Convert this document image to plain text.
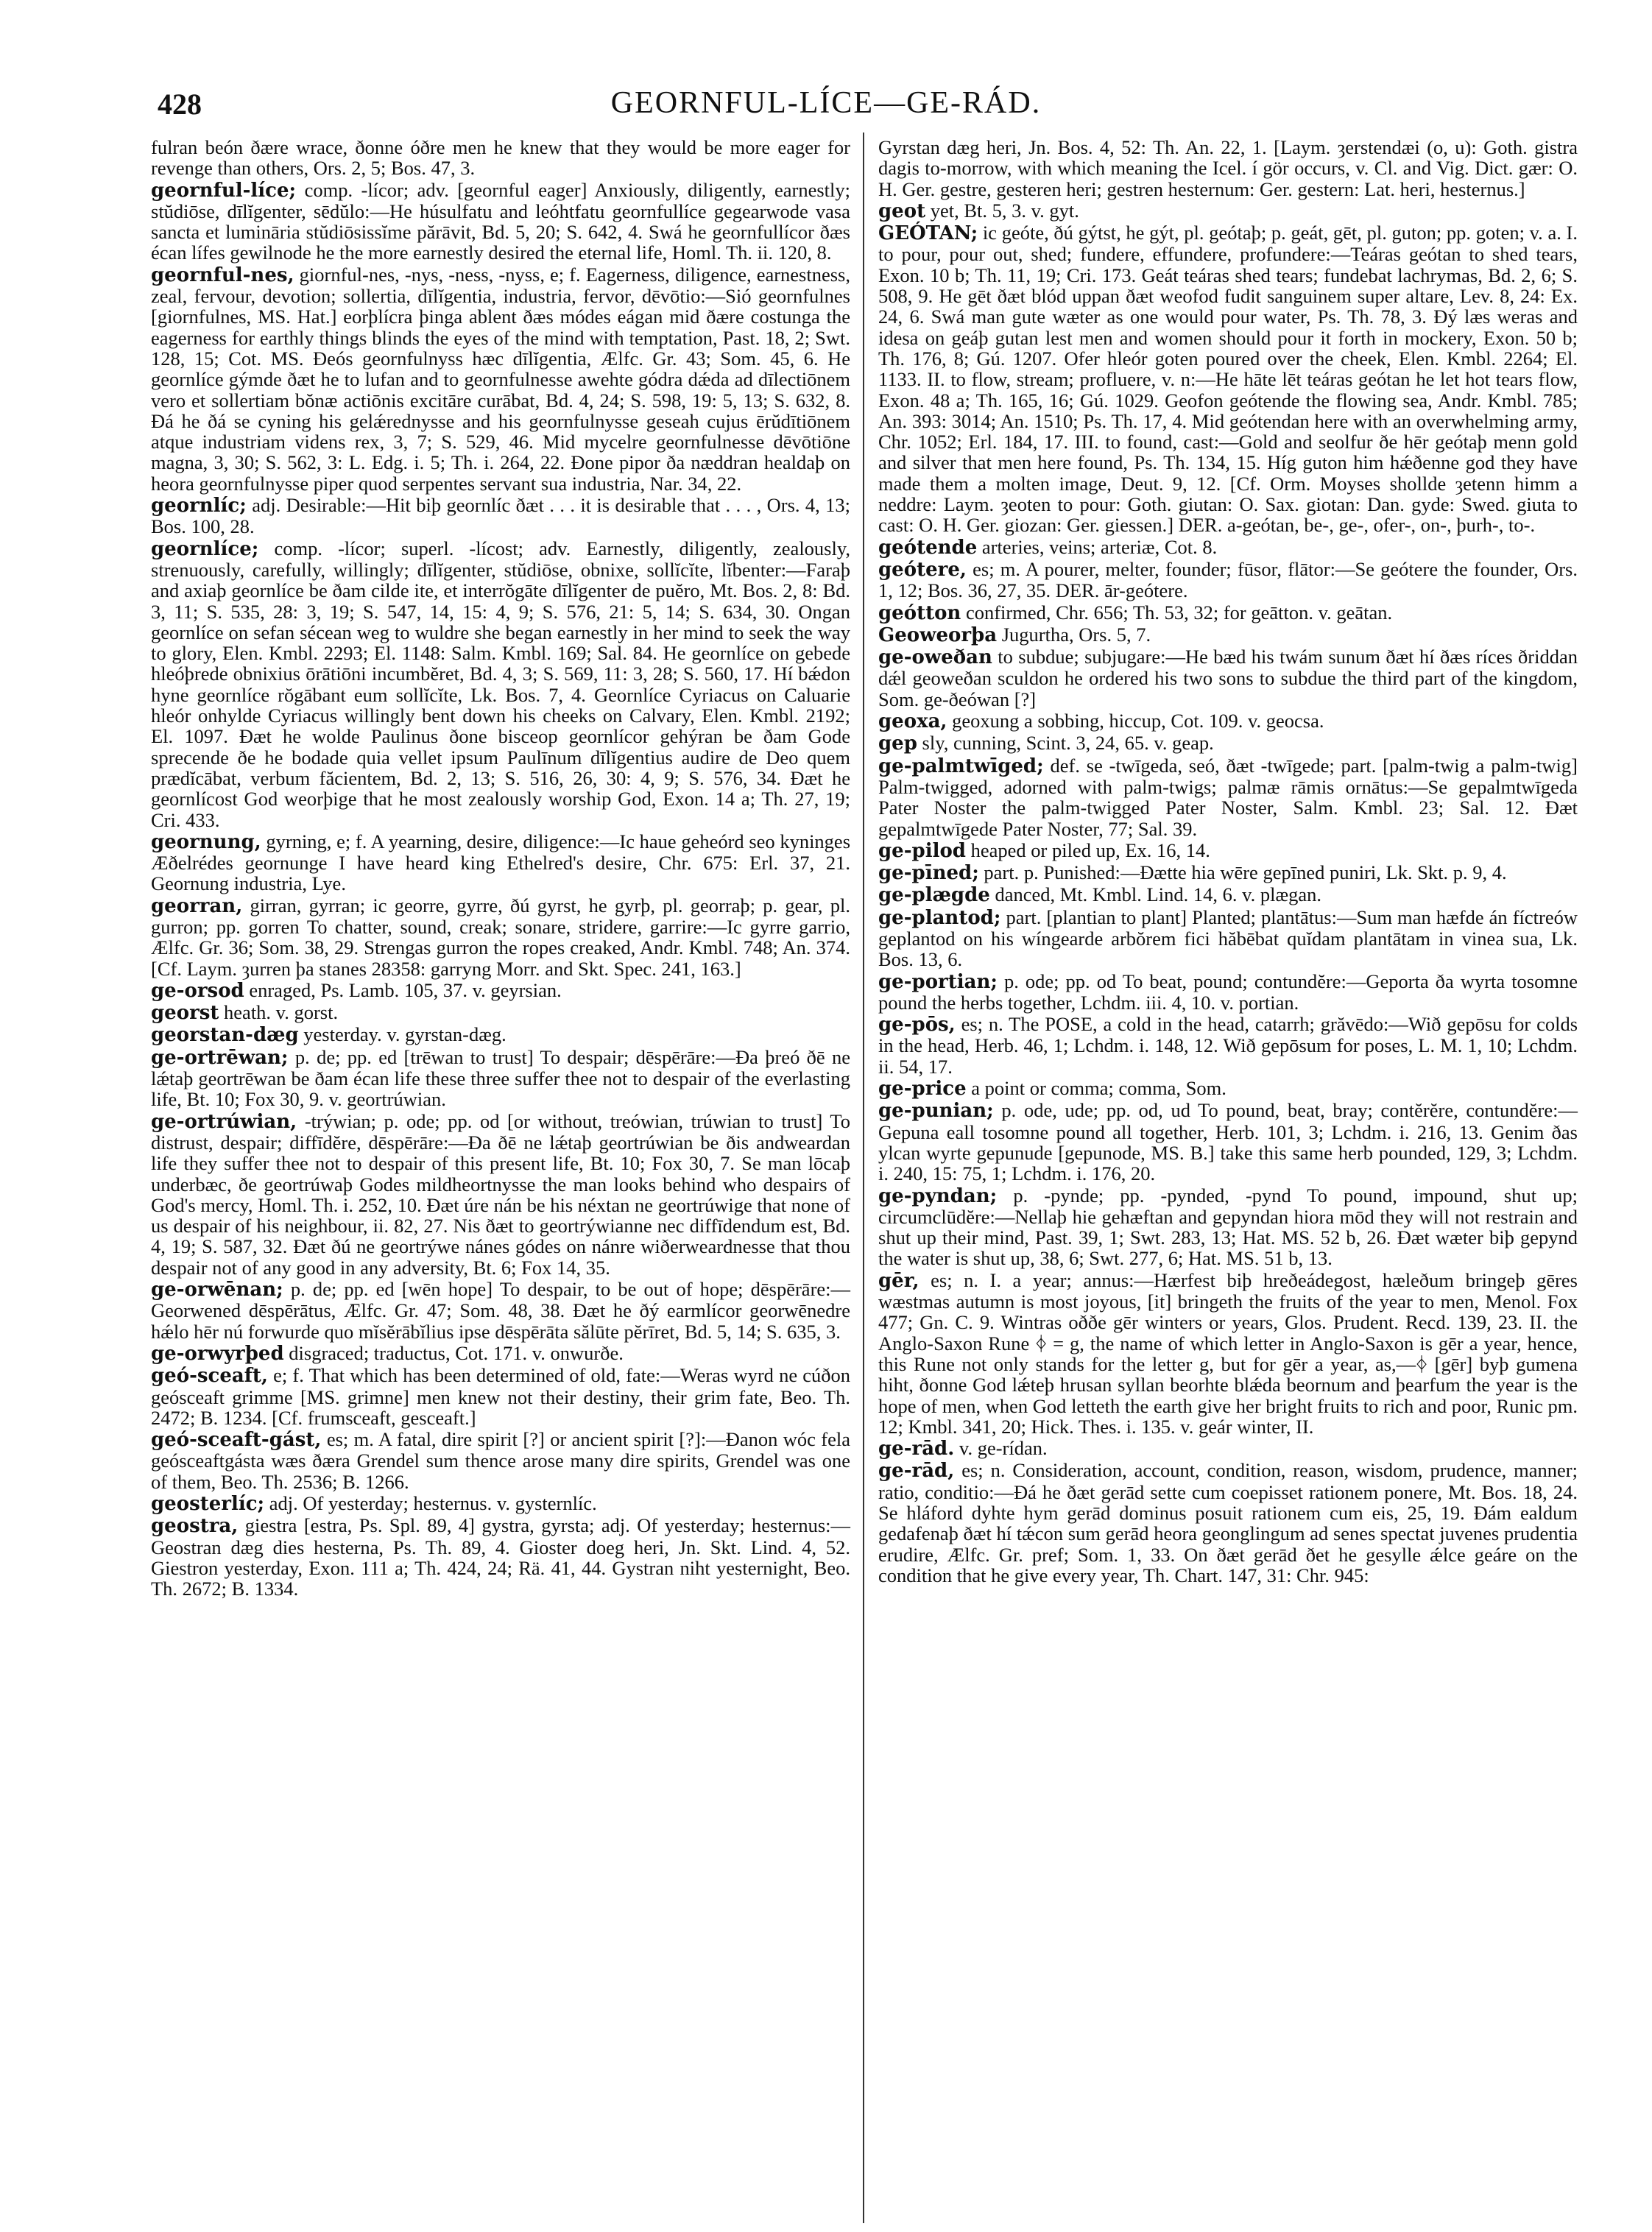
428	GEORNFUL-LÍCE—GE-RÁD.
fulran beón ðære wrace, ðonne óðre men he knew that they would be more eager for revenge than others, Ors. 2, 5; Bos. 47, 3.
geornful-líce; comp. -lícor; adv. [geornful eager] Anxiously, diligently, earnestly; stŭdiōse, dīlĭgenter, sēdŭlo:—He húsulfatu and leóhtfatu geornfullíce gegearwode vasa sancta et lumināria stŭdiōsissĭme părāvit, Bd. 5, 20; S. 642, 4. Swá he geornfullícor ðæs écan lífes gewilnode he the more earnestly desired the eternal life, Homl. Th. ii. 120, 8.
geornful-nes, giornful-nes, -nys, -ness, -nyss, e; f. Eagerness, diligence, earnestness, zeal, fervour, devotion; sollertia, dīlĭgentia, industria, fervor, dēvōtio:—Sió geornfulnes [giornfulnes, MS. Hat.] eorþlícra þinga ablent ðæs módes eágan mid ðære costunga the eagerness for earthly things blinds the eyes of the mind with temptation, Past. 18, 2; Swt. 128, 15; Cot. MS. Ðeós geornfulnyss hæc dīlĭgentia, Ælfc. Gr. 43; Som. 45, 6. He geornlíce gýmde ðæt he to lufan and to geornfulnesse awehte gódra dǽda ad dīlectiōnem vero et sollertiam bŏnæ actiōnis excitāre curābat, Bd. 4, 24; S. 598, 19: 5, 13; S. 632, 8. Ðá he ðá se cyning his gelǽrednysse and his geornfulnysse geseah cujus ērŭdītiōnem atque industriam videns rex, 3, 7; S. 529, 46. Mid mycelre geornfulnesse dēvōtiōne magna, 3, 30; S. 562, 3: L. Edg. i. 5; Th. i. 264, 22. Ðone pipor ða næddran healdaþ on heora geornfulnysse piper quod serpentes servant sua industria, Nar. 34, 22.
geornlíc; adj. Desirable:—Hit biþ geornlíc ðæt . . . it is desirable that . . . , Ors. 4, 13; Bos. 100, 28.
geornlíce; comp. -lícor; superl. -lícost; adv. Earnestly, diligently, zealously, strenuously, carefully, willingly; dīlĭgenter, stŭdiōse, obnixe, sollĭcĭte, lĭbenter:—Faraþ and axiaþ geornlíce be ðam cilde ite, et interrŏgāte dīlĭgenter de puĕro, Mt. Bos. 2, 8: Bd. 3, 11; S. 535, 28: 3, 19; S. 547, 14, 15: 4, 9; S. 576, 21: 5, 14; S. 634, 30. Ongan geornlíce on sefan sécean weg to wuldre she began earnestly in her mind to seek the way to glory, Elen. Kmbl. 2293; El. 1148: Salm. Kmbl. 169; Sal. 84. He geornlíce on gebede hleóþrede obnixius ōrātiōni incumbĕret, Bd. 4, 3; S. 569, 11: 3, 28; S. 560, 17. Hí bǽdon hyne geornlíce rŏgābant eum sollĭcĭte, Lk. Bos. 7, 4. Geornlíce Cyriacus on Caluarie hleór onhylde Cyriacus willingly bent down his cheeks on Calvary, Elen. Kmbl. 2192; El. 1097. Ðæt he wolde Paulinus ðone bisceop geornlícor gehýran be ðam Gode sprecende ðe he bodade quia vellet ipsum Paulīnum dīlĭgentius audire de Deo quem prædĭcābat, verbum făcientem, Bd. 2, 13; S. 516, 26, 30: 4, 9; S. 576, 34. Ðæt he geornlícost God weorþige that he most zealously worship God, Exon. 14 a; Th. 27, 19; Cri. 433.
geornung, gyrning, e; f. A yearning, desire, diligence:—Ic haue geheórd seo kyninges Æðelrédes geornunge I have heard king Ethelred's desire, Chr. 675: Erl. 37, 21. Geornung industria, Lye.
georran, girran, gyrran; ic georre, gyrre, ðú gyrst, he gyrþ, pl. georraþ; p. gear, pl. gurron; pp. gorren To chatter, sound, creak; sonare, stridere, garrire:—Ic gyrre garrio, Ælfc. Gr. 36; Som. 38, 29. Strengas gurron the ropes creaked, Andr. Kmbl. 748; An. 374. [Cf. Laym. ȝurren þa stanes 28358: garryng Morr. and Skt. Spec. 241, 163.]
ge-orsod enraged, Ps. Lamb. 105, 37. v. geyrsian.
georst heath. v. gorst.
georstan-dæg yesterday. v. gyrstan-dæg.
ge-ortrēwan; p. de; pp. ed [trēwan to trust] To despair; dēspērāre:—Ða þreó ðē ne lǽtaþ geortrēwan be ðam écan life these three suffer thee not to despair of the everlasting life, Bt. 10; Fox 30, 9. v. geortrúwian.
ge-ortrúwian, -trýwian; p. ode; pp. od [or without, treówian, trúwian to trust] To distrust, despair; diffīdĕre, dēspērāre:—Ða ðē ne lǽtaþ geortrúwian be ðis andweardan life they suffer thee not to despair of this present life, Bt. 10; Fox 30, 7. Se man lōcaþ underbæc, ðe geortrúwaþ Godes mildheortnysse the man looks behind who despairs of God's mercy, Homl. Th. i. 252, 10. Ðæt úre nán be his néxtan ne geortrúwige that none of us despair of his neighbour, ii. 82, 27. Nis ðæt to geortrýwianne nec diffīdendum est, Bd. 4, 19; S. 587, 32. Ðæt ðú ne geortrýwe nánes gódes on nánre wiðerweardnesse that thou despair not of any good in any adversity, Bt. 6; Fox 14, 35.
ge-orwēnan; p. de; pp. ed [wēn hope] To despair, to be out of hope; dēspērāre:—Georwened dēspērātus, Ælfc. Gr. 47; Som. 48, 38. Ðæt he ðý earmlícor georwēnedre hǽlo hēr nú forwurde quo mĭsĕrābĭlius ipse dēspērāta sălūte pĕrīret, Bd. 5, 14; S. 635, 3.
ge-orwyrþed disgraced; traductus, Cot. 171. v. onwurðe.
geó-sceaft, e; f. That which has been determined of old, fate:—Weras wyrd ne cúðon geósceaft grimme [MS. grimne] men knew not their destiny, their grim fate, Beo. Th. 2472; B. 1234. [Cf. frumsceaft, gesceaft.]
geó-sceaft-gást, es; m. A fatal, dire spirit [?] or ancient spirit [?]:—Ðanon wóc fela geósceaftgásta wæs ðæra Grendel sum thence arose many dire spirits, Grendel was one of them, Beo. Th. 2536; B. 1266.
geosterlíc; adj. Of yesterday; hesternus. v. gysternlíc.
geostra, giestra [estra, Ps. Spl. 89, 4] gystra, gyrsta; adj. Of yesterday; hesternus:—Geostran dæg dies hesterna, Ps. Th. 89, 4. Gioster doeg heri, Jn. Skt. Lind. 4, 52. Giestron yesterday, Exon. 111 a; Th. 424, 24; Rä. 41, 44. Gystran niht yesternight, Beo. Th. 2672; B. 1334.
Gyrstan dæg heri, Jn. Bos. 4, 52: Th. An. 22, 1. [Laym. ȝerstendæi (o, u): Goth. gistra dagis to-morrow, with which meaning the Icel. í gör occurs, v. Cl. and Vig. Dict. gær: O. H. Ger. gestre, gesteren heri; gestren hesternum: Ger. gestern: Lat. heri, hesternus.]
geot yet, Bt. 5, 3. v. gyt.
GEÓTAN; ic geóte, ðú gýtst, he gýt, pl. geótaþ; p. geát, gēt, pl. guton; pp. goten; v. a. I. to pour, pour out, shed; fundere, effundere, profundere:—Teáras geótan to shed tears, Exon. 10 b; Th. 11, 19; Cri. 173. Geát teáras shed tears; fundebat lachrymas, Bd. 2, 6; S. 508, 9. He gēt ðæt blód uppan ðæt weofod fudit sanguinem super altare, Lev. 8, 24: Ex. 24, 6. Swá man gute wæter as one would pour water, Ps. Th. 78, 3. Ðý læs weras and idesa on geáþ gutan lest men and women should pour it forth in mockery, Exon. 50 b; Th. 176, 8; Gú. 1207. Ofer hleór goten poured over the cheek, Elen. Kmbl. 2264; El. 1133. II. to flow, stream; profluere, v. n:—He hāte lēt teáras geótan he let hot tears flow, Exon. 48 a; Th. 165, 16; Gú. 1029. Geofon geótende the flowing sea, Andr. Kmbl. 785; An. 393: 3014; An. 1510; Ps. Th. 17, 4. Mid geótendan here with an overwhelming army, Chr. 1052; Erl. 184, 17. III. to found, cast:—Gold and seolfur ðe hēr geótaþ menn gold and silver that men here found, Ps. Th. 134, 15. Híg guton him hǽðenne god they have made them a molten image, Deut. 9, 12. [Cf. Orm. Moyses shollde ȝetenn himm a neddre: Laym. ȝeoten to pour: Goth. giutan: O. Sax. giotan: Dan. gyde: Swed. giuta to cast: O. H. Ger. giozan: Ger. giessen.] DER. a-geótan, be-, ge-, ofer-, on-, þurh-, to-.
geótende arteries, veins; arteriæ, Cot. 8.
geótere, es; m. A pourer, melter, founder; fūsor, flātor:—Se geótere the founder, Ors. 1, 12; Bos. 36, 27, 35. DER. ār-geótere.
geótton confirmed, Chr. 656; Th. 53, 32; for geātton. v. geātan.
Geoweorþa Jugurtha, Ors. 5, 7.
ge-oweðan to subdue; subjugare:—He bæd his twám sunum ðæt hí ðæs ríces ðriddan dǽl geoweðan sculdon he ordered his two sons to subdue the third part of the kingdom, Som. ge-ðeówan [?]
geoxa, geoxung a sobbing, hiccup, Cot. 109. v. geocsa.
gep sly, cunning, Scint. 3, 24, 65. v. geap.
ge-palmtwīged; def. se -twīgeda, seó, ðæt -twīgede; part. [palm-twig a palm-twig] Palm-twigged, adorned with palm-twigs; palmæ rāmis ornātus:—Se gepalmtwīgeda Pater Noster the palm-twigged Pater Noster, Salm. Kmbl. 23; Sal. 12. Ðæt gepalmtwīgede Pater Noster, 77; Sal. 39.
ge-pilod heaped or piled up, Ex. 16, 14.
ge-pīned; part. p. Punished:—Ðætte hia wēre gepīned puniri, Lk. Skt. p. 9, 4.
ge-plægde danced, Mt. Kmbl. Lind. 14, 6. v. plægan.
ge-plantod; part. [plantian to plant] Planted; plantātus:—Sum man hæfde án fíctreów geplantod on his wíngearde arbŏrem fici hăbēbat quĭdam plantātam in vinea sua, Lk. Bos. 13, 6.
ge-portian; p. ode; pp. od To beat, pound; contundĕre:—Geporta ða wyrta tosomne pound the herbs together, Lchdm. iii. 4, 10. v. portian.
ge-pōs, es; n. The POSE, a cold in the head, catarrh; grăvēdo:—Wið gepōsu for colds in the head, Herb. 46, 1; Lchdm. i. 148, 12. Wið gepōsum for poses, L. M. 1, 10; Lchdm. ii. 54, 17.
ge-price a point or comma; comma, Som.
ge-punian; p. ode, ude; pp. od, ud To pound, beat, bray; contĕrĕre, contundĕre:—Gepuna eall tosomne pound all together, Herb. 101, 3; Lchdm. i. 216, 13. Genim ðas ylcan wyrte gepunude [gepunode, MS. B.] take this same herb pounded, 129, 3; Lchdm. i. 240, 15: 75, 1; Lchdm. i. 176, 20.
ge-pyndan; p. -pynde; pp. -pynded, -pynd To pound, impound, shut up; circumclūdĕre:—Nellaþ hie gehæftan and gepyndan hiora mōd they will not restrain and shut up their mind, Past. 39, 1; Swt. 283, 13; Hat. MS. 52 b, 26. Ðæt wæter biþ gepynd the water is shut up, 38, 6; Swt. 277, 6; Hat. MS. 51 b, 13.
gēr, es; n. I. a year; annus:—Hærfest biþ hreðeádegost, hæleðum bringeþ gēres wæstmas autumn is most joyous, [it] bringeth the fruits of the year to men, Menol. Fox 477; Gn. C. 9. Wintras oððe gēr winters or years, Glos. Prudent. Recd. 139, 23. II. the Anglo-Saxon Rune ᛄ = g, the name of which letter in Anglo-Saxon is gēr a year, hence, this Rune not only stands for the letter g, but for gēr a year, as,—ᛄ [gēr] byþ gumena hiht, ðonne God lǽteþ hrusan syllan beorhte blǽda beornum and þearfum the year is the hope of men, when God letteth the earth give her bright fruits to rich and poor, Runic pm. 12; Kmbl. 341, 20; Hick. Thes. i. 135. v. geár winter, II.
ge-rād. v. ge-rídan.
ge-rād, es; n. Consideration, account, condition, reason, wisdom, prudence, manner; ratio, conditio:—Ðá he ðæt gerād sette cum coepisset rationem ponere, Mt. Bos. 18, 24. Se hláford dyhte hym gerād dominus posuit rationem cum eis, 25, 19. Ðám ealdum gedafenaþ ðæt hí tǽcon sum gerād heora geonglingum ad senes spectat juvenes prudentia erudire, Ælfc. Gr. pref; Som. 1, 33. On ðæt gerād ðet he gesylle ǽlce geáre on the condition that he give every year, Th. Chart. 147, 31: Chr. 945:
